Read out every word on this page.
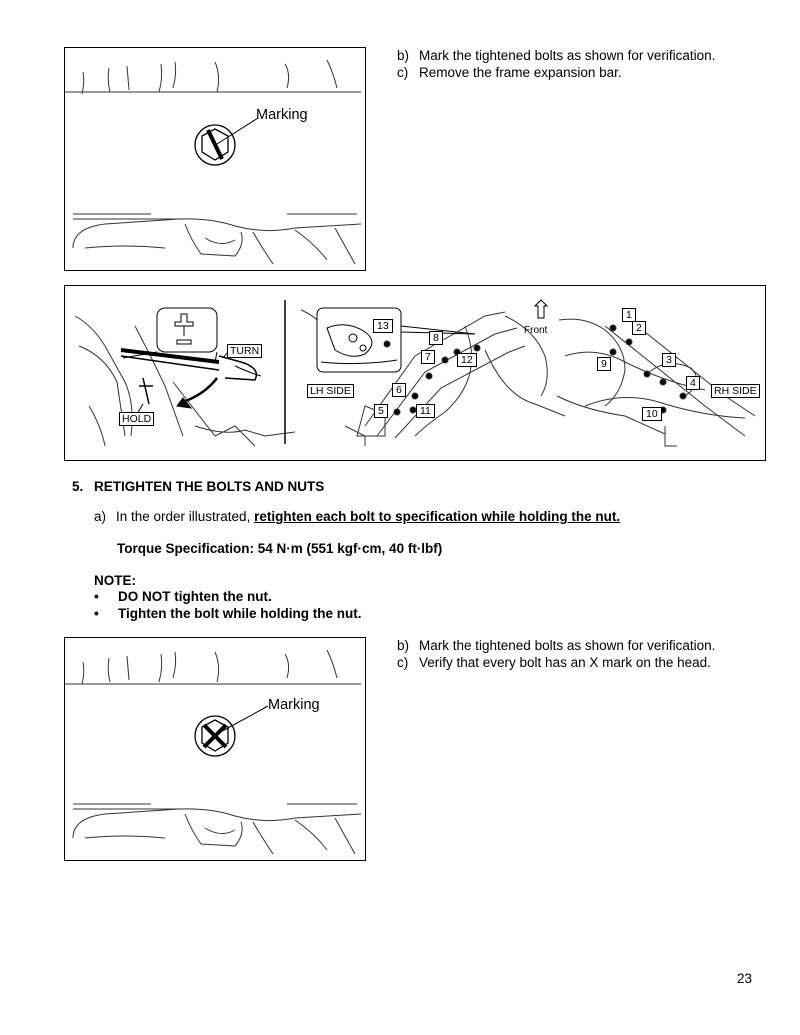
Marking
b) Mark the tightened bolts as shown for verification.
c) Remove the frame expansion bar.
TURN
HOLD
LH SIDE	RH SIDE
Front
1
2
3
4
5
6
7
8
9
10
11
12
13
5. RETIGHTEN THE BOLTS AND NUTS
a) In the order illustrated, retighten each bolt to specification while holding the nut.
Torque Specification: 54 N·m (551 kgf·cm, 40 ft·lbf)
NOTE:
• DO NOT tighten the nut.
• Tighten the bolt while holding the nut.
Marking
b) Mark the tightened bolts as shown for verification.
c) Verify that every bolt has an X mark on the head.
23
